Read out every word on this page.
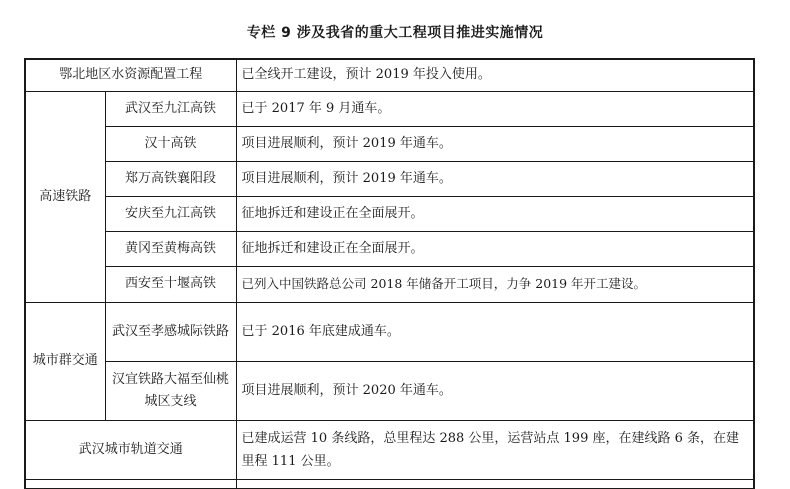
专栏 9 涉及我省的重大工程项目推进实施情况
鄂北地区水资源配置工程		已全线开工建设，预计 2019 年投入使用。
高速铁路	武汉至九江高铁	已于 2017 年 9 月通车。
	汉十高铁	项目进展顺利，预计 2019 年通车。
	郑万高铁襄阳段	项目进展顺利，预计 2019 年通车。
	安庆至九江高铁	征地拆迁和建设正在全面展开。
	黄冈至黄梅高铁	征地拆迁和建设正在全面展开。
	西安至十堰高铁	已列入中国铁路总公司 2018 年储备开工项目，力争 2019 年开工建设。
城市群交通	武汉至孝感城际铁路	已于 2016 年底建成通车。
	汉宜铁路大福至仙桃城区支线	项目进展顺利，预计 2020 年通车。
武汉城市轨道交通		已建成运营 10 条线路，总里程达 288 公里，运营站点 199 座，在建线路 6 条，在建里程 111 公里。
